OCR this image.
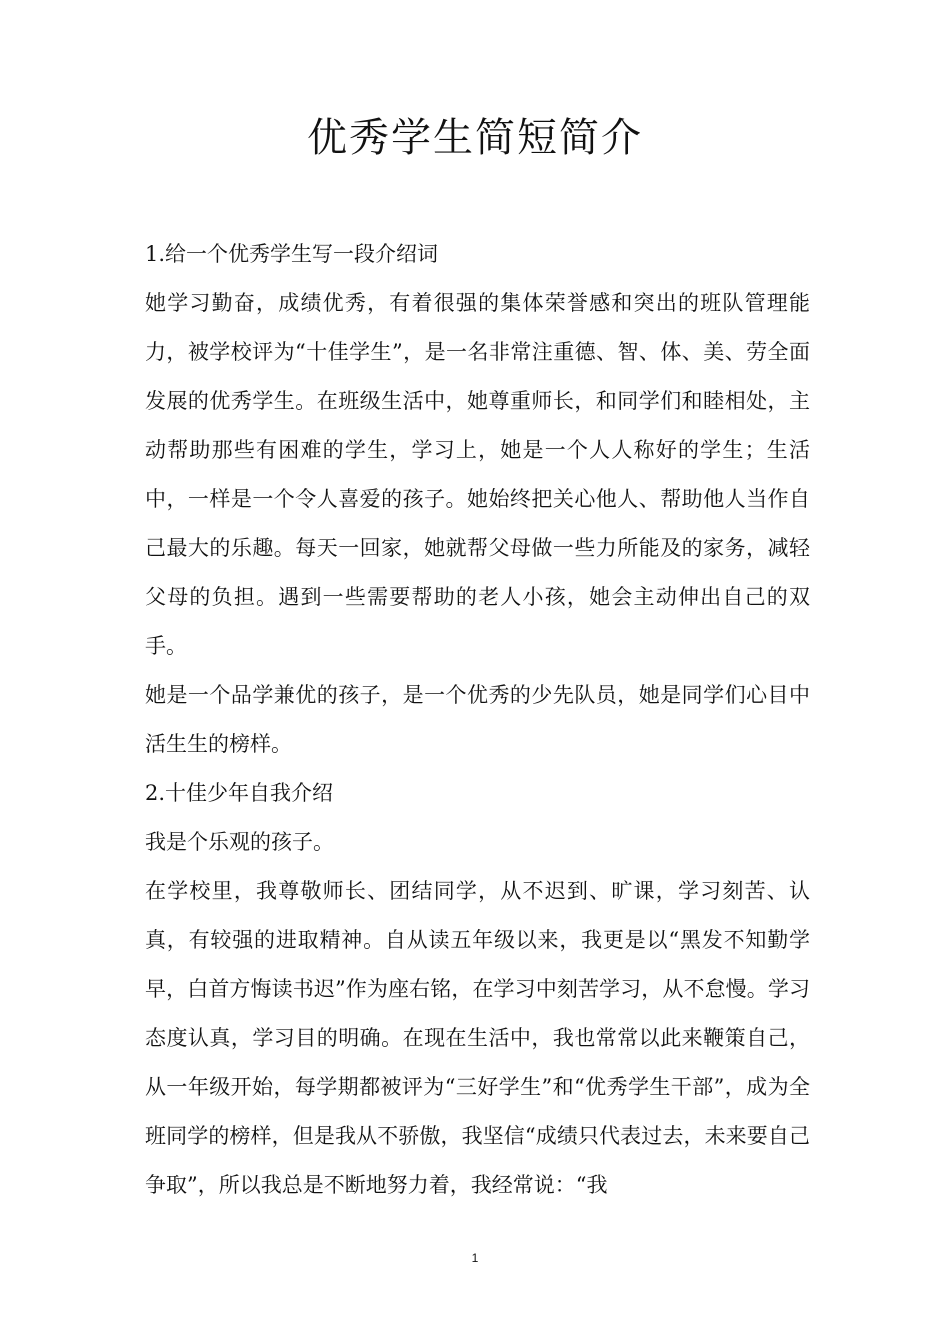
优秀学生简短简介

1.给一个优秀学生写一段介绍词

她学习勤奋，成绩优秀，有着很强的集体荣誉感和突出的班队管理能力，被学校评为“十佳学生”，是一名非常注重德、智、体、美、劳全面发展的优秀学生。在班级生活中，她尊重师长，和同学们和睦相处，主动帮助那些有困难的学生，学习上，她是一个人人称好的学生；生活中，一样是一个令人喜爱的孩子。她始终把关心他人、帮助他人当作自己最大的乐趣。每天一回家，她就帮父母做一些力所能及的家务，减轻父母的负担。遇到一些需要帮助的老人小孩，她会主动伸出自己的双手。

她是一个品学兼优的孩子，是一个优秀的少先队员，她是同学们心目中活生生的榜样。

2.十佳少年自我介绍

我是个乐观的孩子。

在学校里，我尊敬师长、团结同学，从不迟到、旷课，学习刻苦、认真，有较强的进取精神。自从读五年级以来，我更是以“黑发不知勤学早，白首方悔读书迟”作为座右铭，在学习中刻苦学习，从不怠慢。学习态度认真，学习目的明确。在现在生活中，我也常常以此来鞭策自己，从一年级开始，每学期都被评为“三好学生”和“优秀学生干部”，成为全班同学的榜样，但是我从不骄傲，我坚信“成绩只代表过去，未来要自己争取”，所以我总是不断地努力着，我经常说：“我

1
